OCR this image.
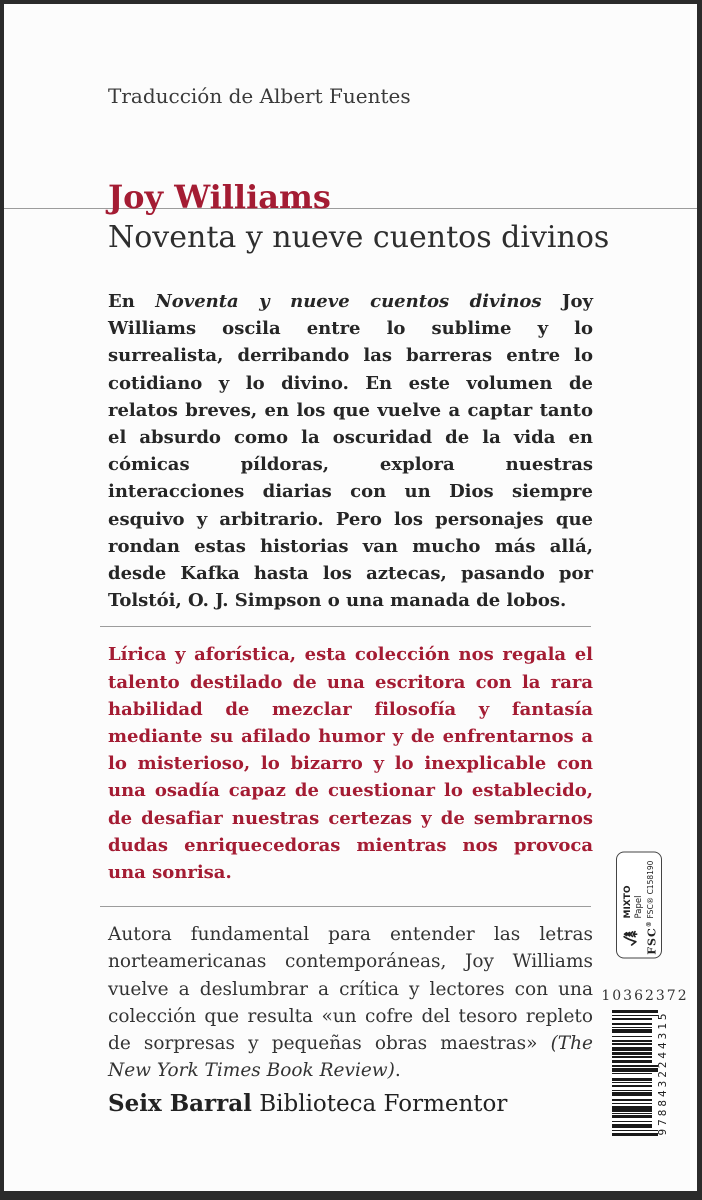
Traducción de Albert Fuentes
Joy Williams
Noventa y nueve cuentos divinos

En Noventa y nueve cuentos divinos Joy Williams oscila entre lo sublime y lo surrealista, derribando las barreras entre lo cotidiano y lo divino. En este volumen de relatos breves, en los que vuelve a captar tanto el absurdo como la oscuridad de la vida en cómicas píldoras, explora nuestras interacciones diarias con un Dios siempre esquivo y arbitrario. Pero los personajes que rondan estas historias van mucho más allá, desde Kafka hasta los aztecas, pasando por Tolstói, O. J. Simpson o una manada de lobos.

Lírica y aforística, esta colección nos regala el talento destilado de una escritora con la rara habilidad de mezclar filosofía y fantasía mediante su afilado humor y de enfrentarnos a lo misterioso, lo bizarro y lo inexplicable con una osadía capaz de cuestionar lo establecido, de desafiar nuestras certezas y de sembrarnos dudas enriquecedoras mientras nos provoca una sonrisa.

Autora fundamental para entender las letras norteamericanas contemporáneas, Joy Williams vuelve a deslumbrar a crítica y lectores con una colección que resulta «un cofre del tesoro repleto de sorpresas y pequeñas obras maestras» (The New York Times Book Review).

FSC®
MIXTO Papel FSC® C158190
10362372
9788432244315
Seix Barral Biblioteca Formentor
